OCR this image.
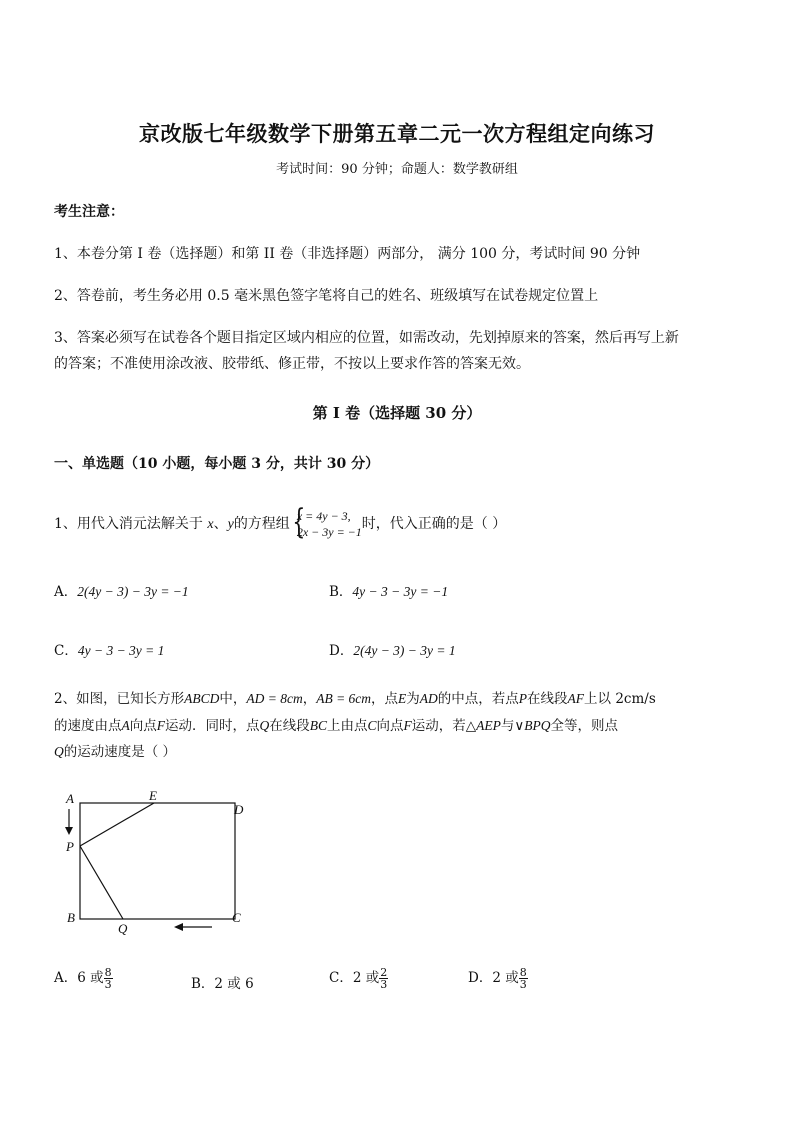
京改版七年级数学下册第五章二元一次方程组定向练习
考试时间：90 分钟；命题人：数学教研组
考生注意：
1、本卷分第 I 卷（选择题）和第 II 卷（非选择题）两部分， 满分 100 分，考试时间 90 分钟
2、答卷前，考生务必用 0.5 毫米黑色签字笔将自己的姓名、班级填写在试卷规定位置上
3、答案必须写在试卷各个题目指定区域内相应的位置，如需改动，先划掉原来的答案，然后再写上新
的答案；不准使用涂改液、胶带纸、修正带，不按以上要求作答的答案无效。
第 I 卷（选择题 30 分）
一、单选题（10 小题，每小题 3 分，共计 30 分）
1、用代入消元法解关于 x、y的方程组 {
x = 4y − 3,
2x − 3y = −1 时，代入正确的是（ ）
A．2(4y − 3) − 3y = −1	B．4y − 3 − 3y = −1
C．4y − 3 − 3y = 1	D．2(4y − 3) − 3y = 1
2、如图，已知长方形ABCD中，AD = 8cm，AB = 6cm，点E为AD的中点，若点P在线段AF上以 2cm/s
的速度由点A向点F运动．同时，点Q在线段BC上由点C向点F运动，若△AEP与∨BPQ全等，则点
Q的运动速度是（ ）
A	E
D
P
B
Q
C
A．6 或 $\frac{8}{3}$	B．2 或 6	C．2 或 $\frac{2}{3}$	D．2 或 $\frac{8}{3}$
